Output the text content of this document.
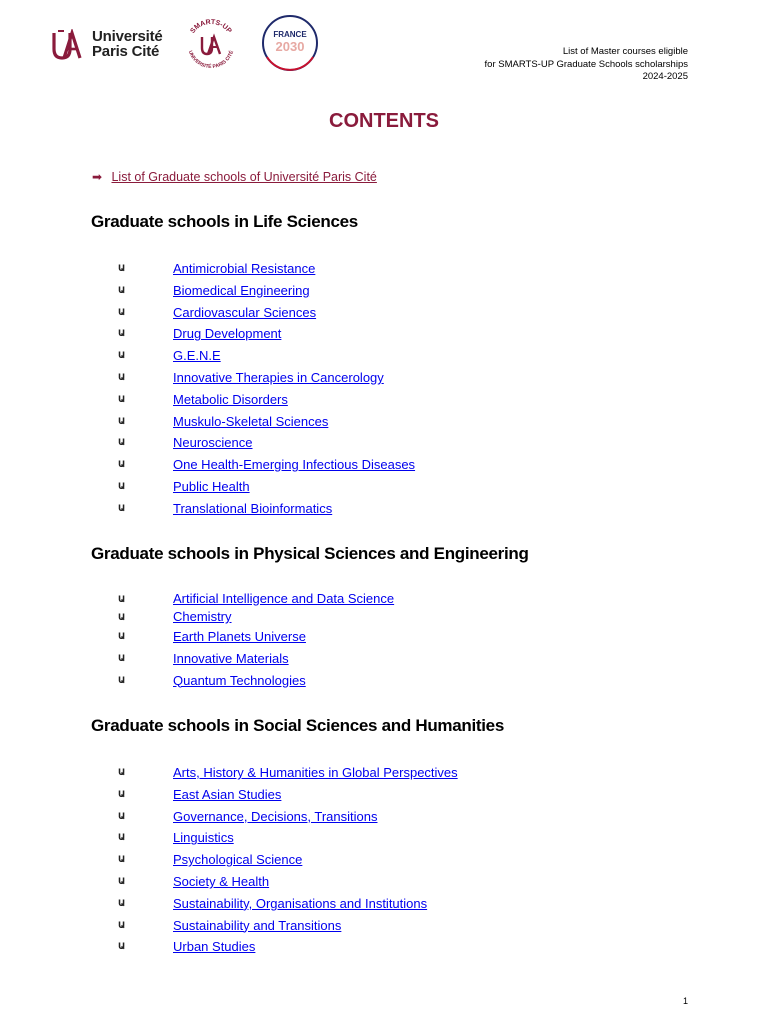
Université
Paris Cité
SMARTS-UP
UNIVERSITÉ PARIS CITÉ
FRANCE
2030	List of Master courses eligible
for SMARTS-UP Graduate Schools scholarships
2024-2025
CONTENTS
➡ List of Graduate schools of Université Paris Cité
Graduate schools in Life Sciences
Ա	Antimicrobial Resistance
Ա	Biomedical Engineering
Ա	Cardiovascular Sciences
Ա	Drug Development
Ա	G.E.N.E
Ա	Innovative Therapies in Cancerology
Ա	Metabolic Disorders
Ա	Muskulo-Skeletal Sciences
Ա	Neuroscience
Ա	One Health-Emerging Infectious Diseases
Ա	Public Health
Ա	Translational Bioinformatics
Graduate schools in Physical Sciences and Engineering
Ա	Artificial Intelligence and Data Science
Ա	Chemistry
Ա	Earth Planets Universe
Ա	Innovative Materials
Ա	Quantum Technologies
Graduate schools in Social Sciences and Humanities
Ա	Arts, History & Humanities in Global Perspectives
Ա	East Asian Studies
Ա	Governance, Decisions, Transitions
Ա	Linguistics
Ա	Psychological Science
Ա	Society & Health
Ա	Sustainability, Organisations and Institutions
Ա	Sustainability and Transitions
Ա	Urban Studies
1
